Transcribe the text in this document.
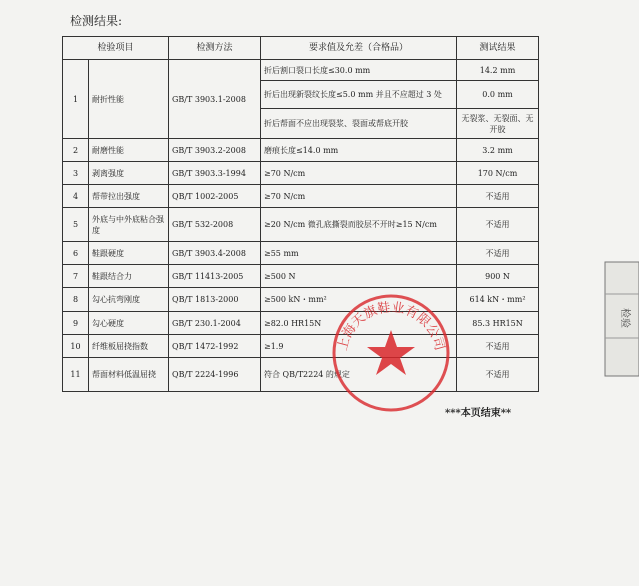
检测结果:
检验项目		检测方法	要求值及允差（合格品）	测试结果
1	耐折性能	GB/T 3903.1-2008	折后割口裂口长度≤30.0 mm	14.2 mm
			折后出现新裂纹长度≤5.0 mm 并且不应超过 3 处	0.0 mm
			折后帮面不应出现裂浆、裂面或帮底开胶	无裂浆、无裂面、无开胶
2	耐磨性能	GB/T 3903.2-2008	磨痕长度≤14.0 mm	3.2 mm
3	剥离强度	GB/T 3903.3-1994	≥70 N/cm	170 N/cm
4	帮带拉出强度	QB/T 1002-2005	≥70 N/cm	不适用
5	外底与中外底粘合强度	GB/T 532-2008	≥20 N/cm 微孔底撕裂而胶层不开时≥15 N/cm	不适用
6	鞋跟硬度	GB/T 3903.4-2008	≥55 mm	不适用
7	鞋跟结合力	GB/T 11413-2005	≥500 N	900 N
8	勾心抗弯刚度	QB/T 1813-2000	≥500 kN・mm²	614 kN・mm²
9	勾心硬度	GB/T 230.1-2004	≥82.0 HR15N	85.3 HR15N
10	纤维板屈挠指数	QB/T 1472-1992	≥1.9	不适用
11	帮面材料低温屈挠	QB/T 2224-1996	符合 QB/T2224 的规定	不适用
***本页结束**
上海天旗鞋业有限公司
检验
